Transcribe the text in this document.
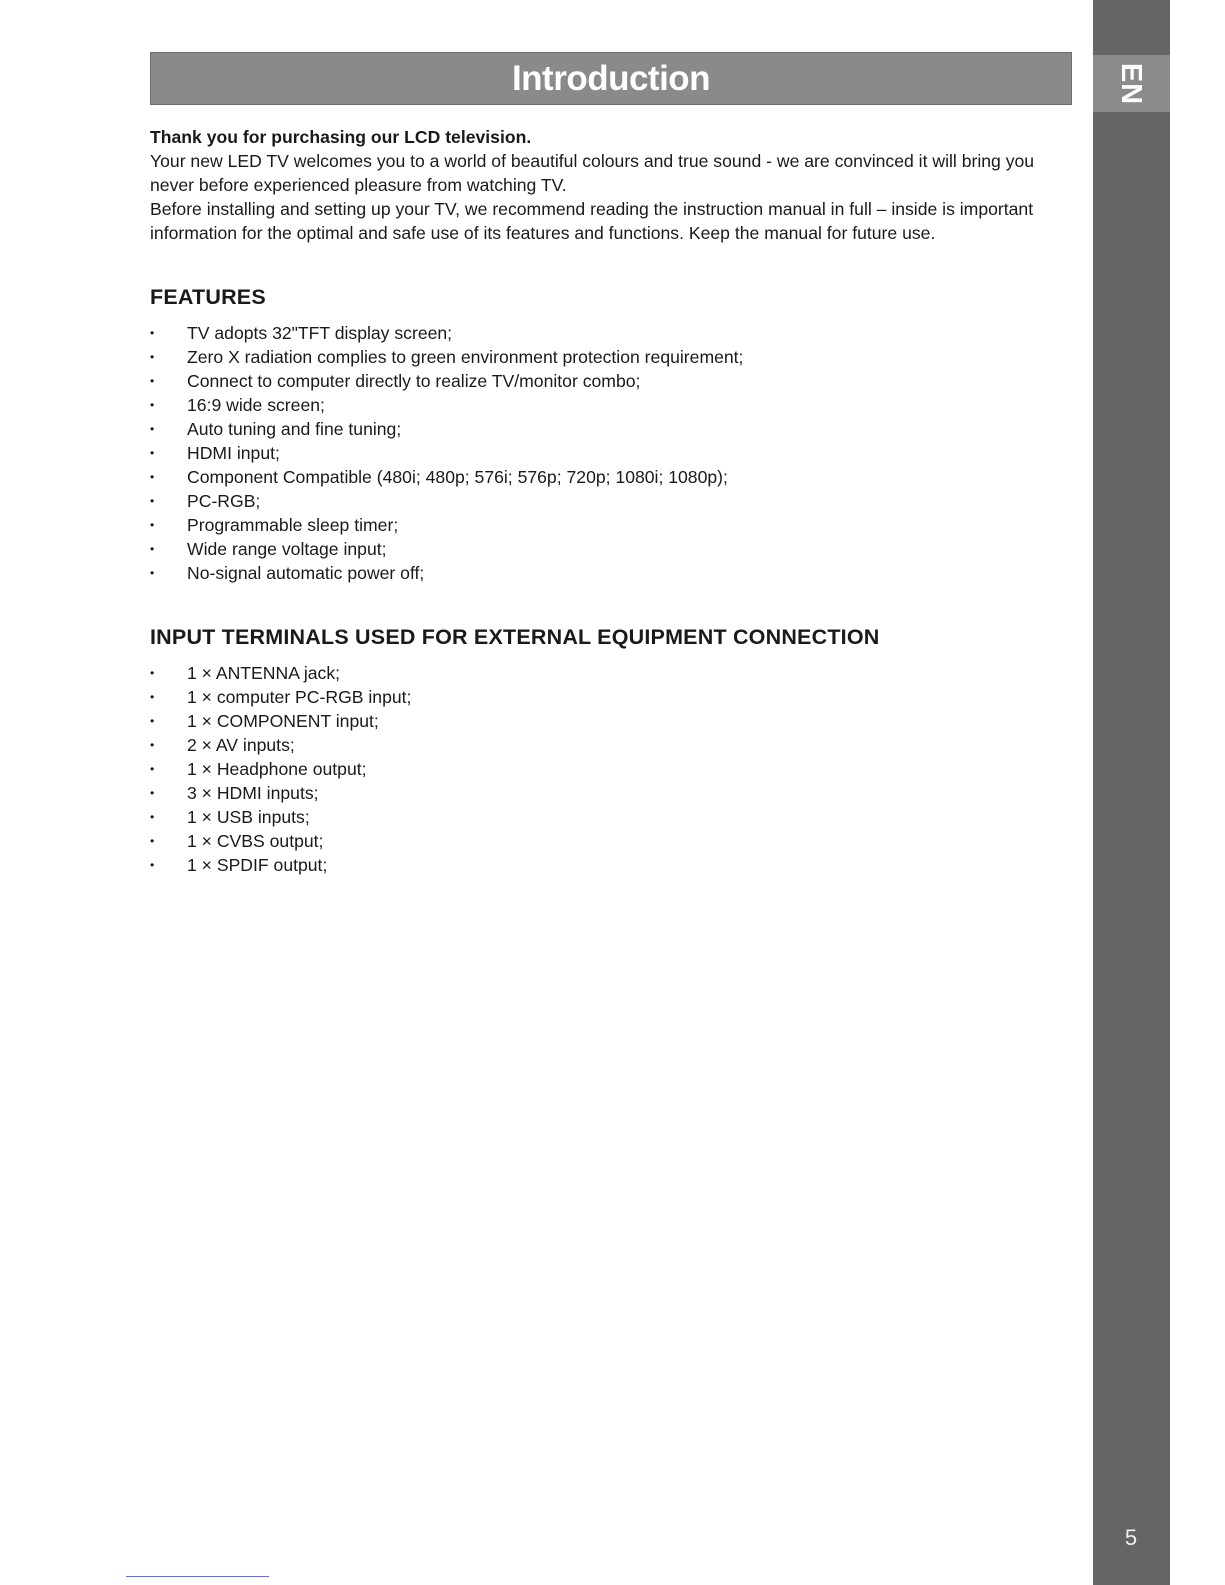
EN
5
Introduction

Thank you for purchasing our LCD television.

Your new LED TV welcomes you to a world of beautiful colours and true sound - we are convinced it will bring you never before experienced pleasure from watching TV.

Before installing and setting up your TV, we recommend reading the instruction manual in full – inside is important information for the optimal and safe use of its features and functions. Keep the manual for future use.

FEATURES
• TV adopts 32"TFT display screen;
• Zero X radiation complies to green environment protection requirement;
• Connect to computer directly to realize TV/monitor combo;
• 16:9 wide screen;
• Auto tuning and fine tuning;
• HDMI input;
• Component Compatible (480i; 480p; 576i; 576p; 720p; 1080i; 1080p);
• PC-RGB;
• Programmable sleep timer;
• Wide range voltage input;
• No-signal automatic power off;
INPUT TERMINALS USED FOR EXTERNAL EQUIPMENT CONNECTION
• 1 × ANTENNA jack;
• 1 × computer PC-RGB input;
• 1 × COMPONENT input;
• 2 × AV inputs;
• 1 × Headphone output;
• 3 × HDMI inputs;
• 1 × USB inputs;
• 1 × CVBS output;
• 1 × SPDIF output;
